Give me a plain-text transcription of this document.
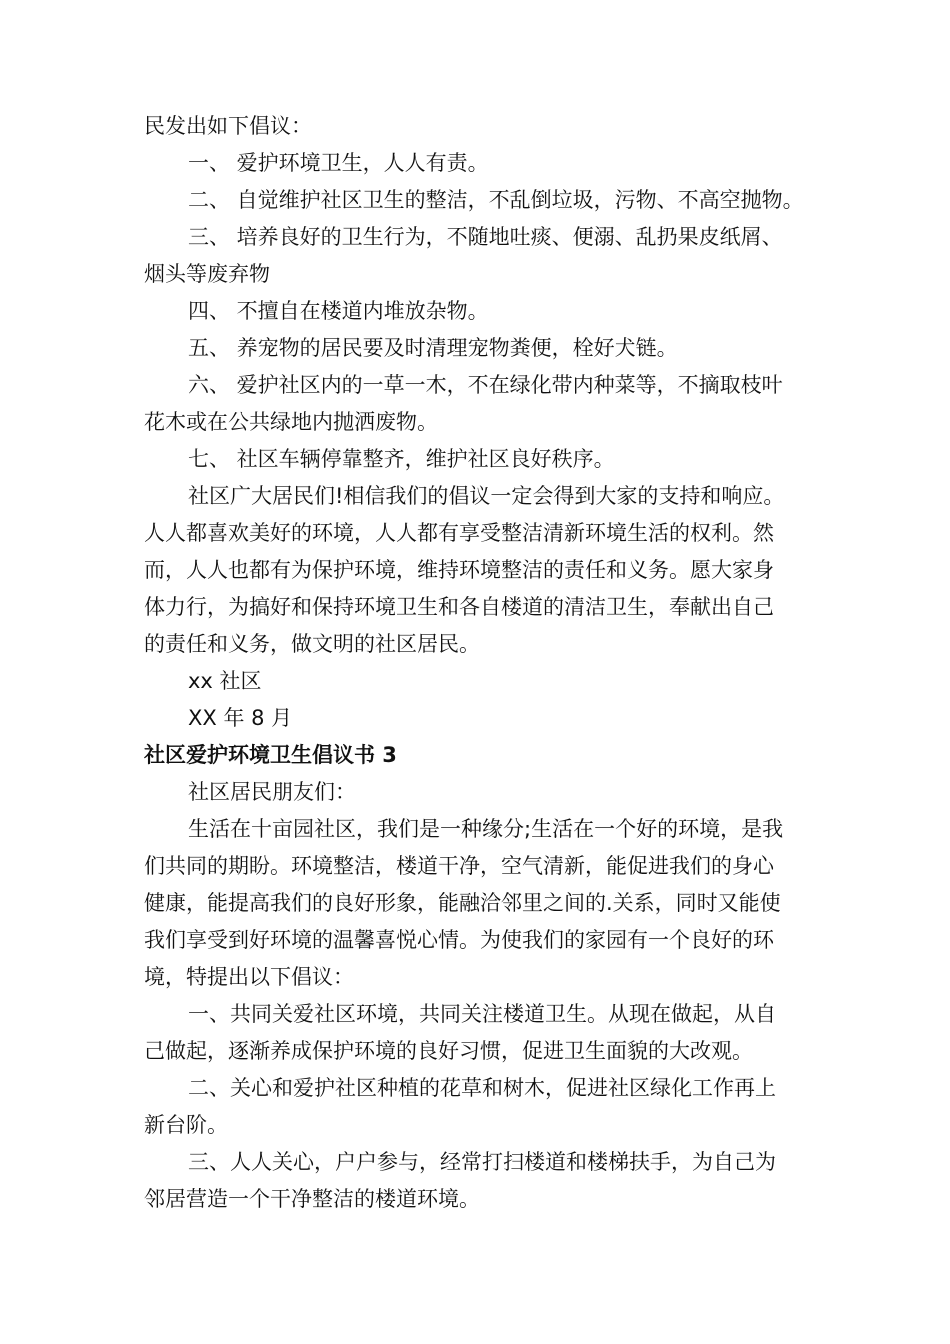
民发出如下倡议：
一、 爱护环境卫生，人人有责。
二、 自觉维护社区卫生的整洁，不乱倒垃圾，污物、不高空抛物。
三、 培养良好的卫生行为，不随地吐痰、便溺、乱扔果皮纸屑、
烟头等废弃物
四、 不擅自在楼道内堆放杂物。
五、 养宠物的居民要及时清理宠物粪便，栓好犬链。
六、 爱护社区内的一草一木，不在绿化带内种菜等，不摘取枝叶
花木或在公共绿地内抛洒废物。
七、 社区车辆停靠整齐，维护社区良好秩序。
社区广大居民们!相信我们的倡议一定会得到大家的支持和响应。
人人都喜欢美好的环境，人人都有享受整洁清新环境生活的权利。然
而，人人也都有为保护环境，维持环境整洁的责任和义务。愿大家身
体力行，为搞好和保持环境卫生和各自楼道的清洁卫生，奉献出自己
的责任和义务，做文明的社区居民。
xx 社区
XX 年 8 月
社区爱护环境卫生倡议书 3
社区居民朋友们：
生活在十亩园社区，我们是一种缘分;生活在一个好的环境，是我
们共同的期盼。环境整洁，楼道干净，空气清新，能促进我们的身心
健康，能提高我们的良好形象，能融洽邻里之间的.关系，同时又能使
我们享受到好环境的温馨喜悦心情。为使我们的家园有一个良好的环
境，特提出以下倡议：
一、共同关爱社区环境，共同关注楼道卫生。从现在做起，从自
己做起，逐渐养成保护环境的良好习惯，促进卫生面貌的大改观。
二、关心和爱护社区种植的花草和树木，促进社区绿化工作再上
新台阶。
三、人人关心，户户参与，经常打扫楼道和楼梯扶手，为自己为
邻居营造一个干净整洁的楼道环境。
